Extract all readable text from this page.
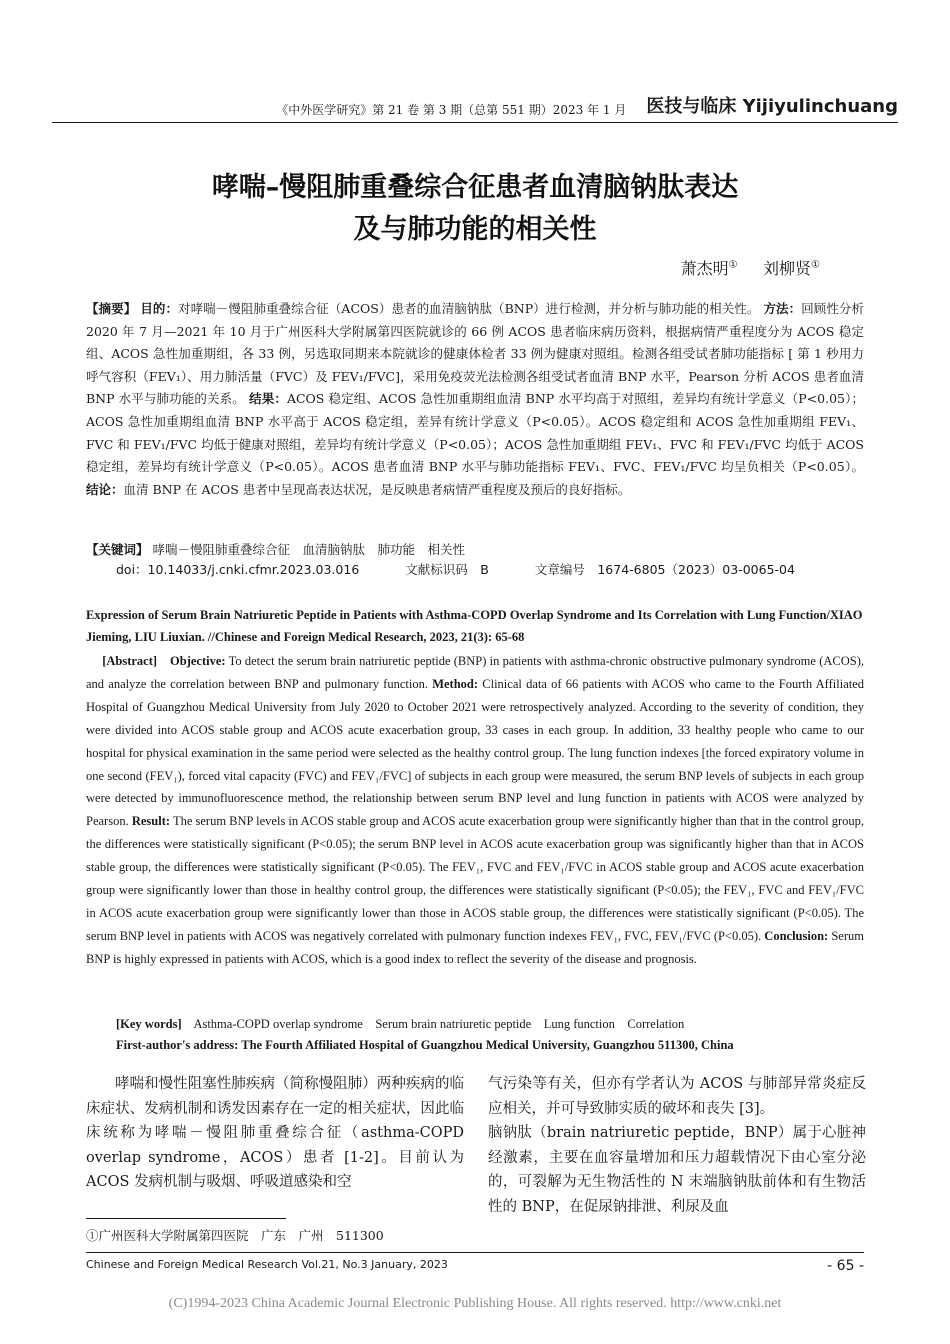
《中外医学研究》第 21 卷 第 3 期（总第 551 期）2023 年 1 月 医技与临床 Yijiyulinchuang
哮喘–慢阻肺重叠综合征患者血清脑钠肽表达
及与肺功能的相关性
萧杰明① 刘柳贤①
【摘要】 目的：对哮喘－慢阻肺重叠综合征（ACOS）患者的血清脑钠肽（BNP）进行检测，并分析与肺功能的相关性。 方法：回顾性分析 2020 年 7 月—2021 年 10 月于广州医科大学附属第四医院就诊的 66 例 ACOS 患者临床病历资料，根据病情严重程度分为 ACOS 稳定组、ACOS 急性加重期组，各 33 例，另选取同期来本院就诊的健康体检者 33 例为健康对照组。检测各组受试者肺功能指标 [ 第 1 秒用力呼气容积（FEV₁）、用力肺活量（FVC）及 FEV₁/FVC]，采用免疫荧光法检测各组受试者血清 BNP 水平，Pearson 分析 ACOS 患者血清 BNP 水平与肺功能的关系。 结果：ACOS 稳定组、ACOS 急性加重期组血清 BNP 水平均高于对照组，差异均有统计学意义（P<0.05）；ACOS 急性加重期组血清 BNP 水平高于 ACOS 稳定组，差异有统计学意义（P<0.05）。ACOS 稳定组和 ACOS 急性加重期组 FEV₁、FVC 和 FEV₁/FVC 均低于健康对照组，差异均有统计学意义（P<0.05）；ACOS 急性加重期组 FEV₁、FVC 和 FEV₁/FVC 均低于 ACOS 稳定组，差异均有统计学意义（P<0.05）。ACOS 患者血清 BNP 水平与肺功能指标 FEV₁、FVC、FEV₁/FVC 均呈负相关（P<0.05）。 结论：血清 BNP 在 ACOS 患者中呈现高表达状况，是反映患者病情严重程度及预后的良好指标。
【关键词】 哮喘－慢阻肺重叠综合征　血清脑钠肽　肺功能　相关性
doi：10.14033/j.cnki.cfmr.2023.03.016	文献标识码　B	文章编号　1674-6805（2023）03-0065-04
Expression of Serum Brain Natriuretic Peptide in Patients with Asthma-COPD Overlap Syndrome and Its Correlation with Lung Function/XIAO Jieming, LIU Liuxian. //Chinese and Foreign Medical Research, 2023, 21(3): 65-68
[Abstract] Objective: To detect the serum brain natriuretic peptide (BNP) in patients with asthma-chronic obstructive pulmonary syndrome (ACOS), and analyze the correlation between BNP and pulmonary function. Method: Clinical data of 66 patients with ACOS who came to the Fourth Affiliated Hospital of Guangzhou Medical University from July 2020 to October 2021 were retrospectively analyzed. According to the severity of condition, they were divided into ACOS stable group and ACOS acute exacerbation group, 33 cases in each group. In addition, 33 healthy people who came to our hospital for physical examination in the same period were selected as the healthy control group. The lung function indexes [the forced expiratory volume in one second (FEV₁), forced vital capacity (FVC) and FEV₁/FVC] of subjects in each group were measured, the serum BNP levels of subjects in each group were detected by immunofluorescence method, the relationship between serum BNP level and lung function in patients with ACOS were analyzed by Pearson. Result: The serum BNP levels in ACOS stable group and ACOS acute exacerbation group were significantly higher than that in the control group, the differences were statistically significant (P<0.05); the serum BNP level in ACOS acute exacerbation group was significantly higher than that in ACOS stable group, the differences were statistically significant (P<0.05). The FEV₁, FVC and FEV₁/FVC in ACOS stable group and ACOS acute exacerbation group were significantly lower than those in healthy control group, the differences were statistically significant (P<0.05); the FEV₁, FVC and FEV₁/FVC in ACOS acute exacerbation group were significantly lower than those in ACOS stable group, the differences were statistically significant (P<0.05). The serum BNP level in patients with ACOS was negatively correlated with pulmonary function indexes FEV₁, FVC, FEV₁/FVC (P<0.05). Conclusion: Serum BNP is highly expressed in patients with ACOS, which is a good index to reflect the severity of the disease and prognosis.
[Key words] Asthma-COPD overlap syndrome　Serum brain natriuretic peptide　Lung function　Correlation
First-author's address: The Fourth Affiliated Hospital of Guangzhou Medical University, Guangzhou 511300, China

哮喘和慢性阻塞性肺疾病（简称慢阻肺）两种疾病的临床症状、发病机制和诱发因素存在一定的相关症状，因此临床统称为哮喘－慢阻肺重叠综合征（asthma-COPD overlap syndrome，ACOS）患者 [1-2]。目前认为 ACOS 发病机制与吸烟、呼吸道感染和空

气污染等有关，但亦有学者认为 ACOS 与肺部异常炎症反应相关，并可导致肺实质的破坏和丧失 [3]。

脑钠肽（brain natriuretic peptide，BNP）属于心脏神经激素，主要在血容量增加和压力超载情况下由心室分泌的，可裂解为无生物活性的 N 末端脑钠肽前体和有生物活性的 BNP，在促尿钠排泄、利尿及血

①广州医科大学附属第四医院　广东　广州　511300
Chinese and Foreign Medical Research Vol.21, No.3 January, 2023	- 65 -
(C)1994-2023 China Academic Journal Electronic Publishing House. All rights reserved. http://www.cnki.net
